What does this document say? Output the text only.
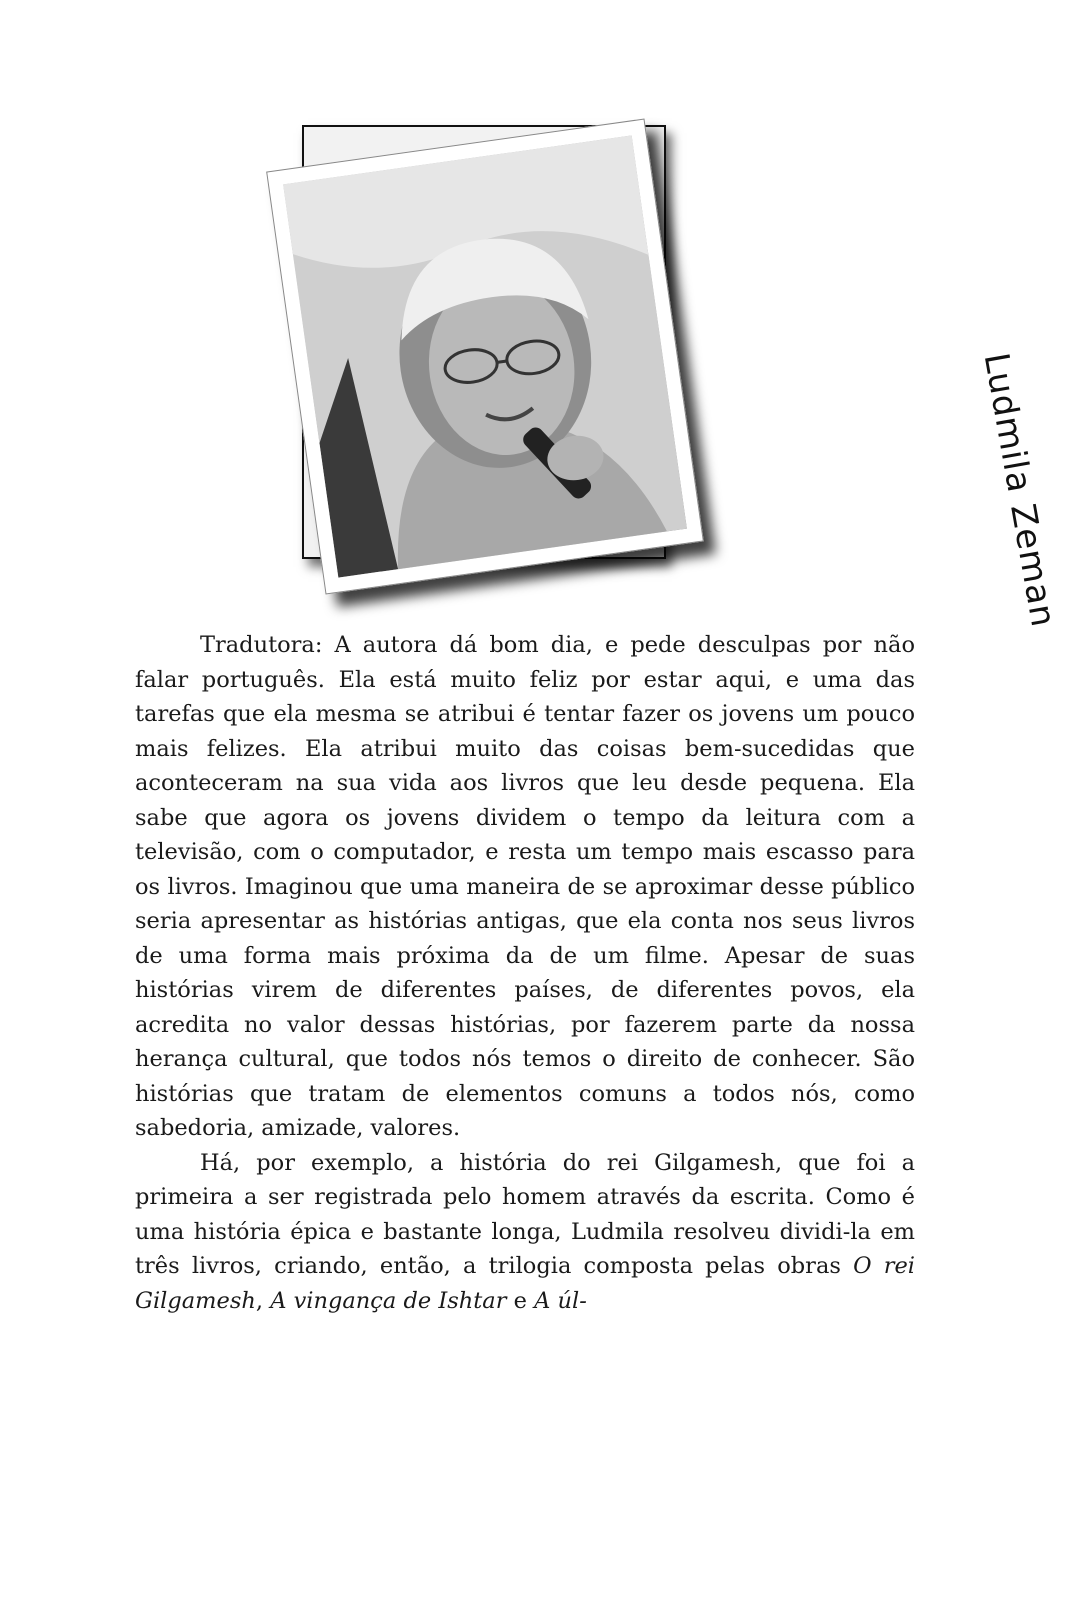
Ludmila Zeman

Tradutora: A autora dá bom dia, e pede desculpas por não falar português. Ela está muito feliz por estar aqui, e uma das tarefas que ela mesma se atribui é tentar fazer os jovens um pouco mais felizes. Ela atribui muito das coisas bem-sucedidas que aconteceram na sua vida aos livros que leu desde pequena. Ela sabe que agora os jovens dividem o tempo da leitura com a televisão, com o computador, e resta um tempo mais escasso para os livros. Imaginou que uma maneira de se aproximar desse público seria apresentar as histórias antigas, que ela conta nos seus livros de uma forma mais próxima da de um filme. Apesar de suas histórias virem de diferentes países, de diferentes povos, ela acredita no valor dessas histórias, por fazerem parte da nossa herança cultural, que todos nós temos o direito de conhecer. São histórias que tratam de elementos comuns a todos nós, como sabedoria, amizade, valores.

Há, por exemplo, a história do rei Gilgamesh, que foi a primeira a ser registrada pelo homem através da escrita. Como é uma história épica e bastante longa, Ludmila resolveu dividi-la em três livros, criando, então, a trilogia composta pelas obras O rei Gilgamesh, A vingança de Ishtar e A úl-
